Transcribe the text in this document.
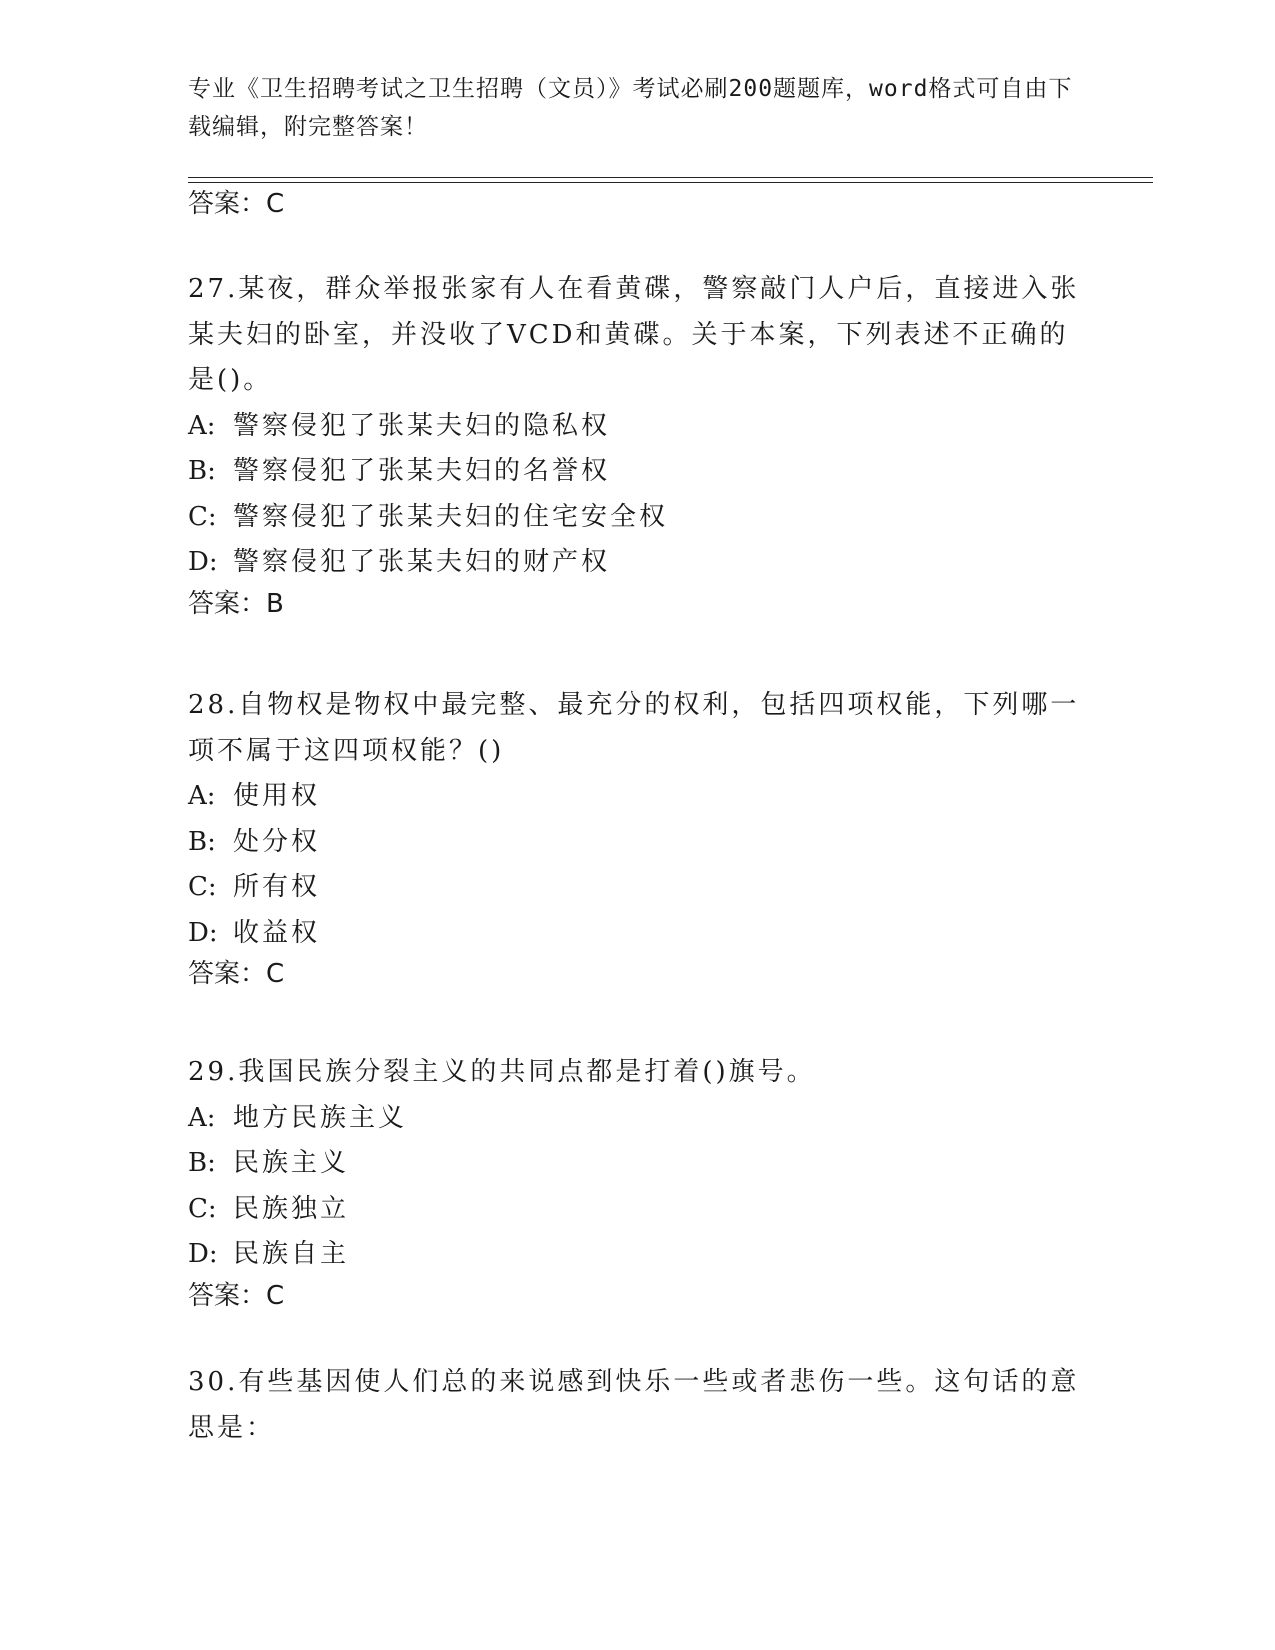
专业《卫生招聘考试之卫生招聘（文员）》考试必刷200题题库，word格式可自由下载编辑，附完整答案！
答案：C
27.某夜，群众举报张家有人在看黄碟，警察敲门人户后，直接进入张某夫妇的卧室，并没收了VCD和黄碟。关于本案，下列表述不正确的是()。
A: 警察侵犯了张某夫妇的隐私权
B: 警察侵犯了张某夫妇的名誉权
C: 警察侵犯了张某夫妇的住宅安全权
D: 警察侵犯了张某夫妇的财产权
答案：B
28.自物权是物权中最完整、最充分的权利，包括四项权能，下列哪一项不属于这四项权能？()
A: 使用权
B: 处分权
C: 所有权
D: 收益权
答案：C
29.我国民族分裂主义的共同点都是打着()旗号。
A: 地方民族主义
B: 民族主义
C: 民族独立
D: 民族自主
答案：C
30.有些基因使人们总的来说感到快乐一些或者悲伤一些。这句话的意思是：
